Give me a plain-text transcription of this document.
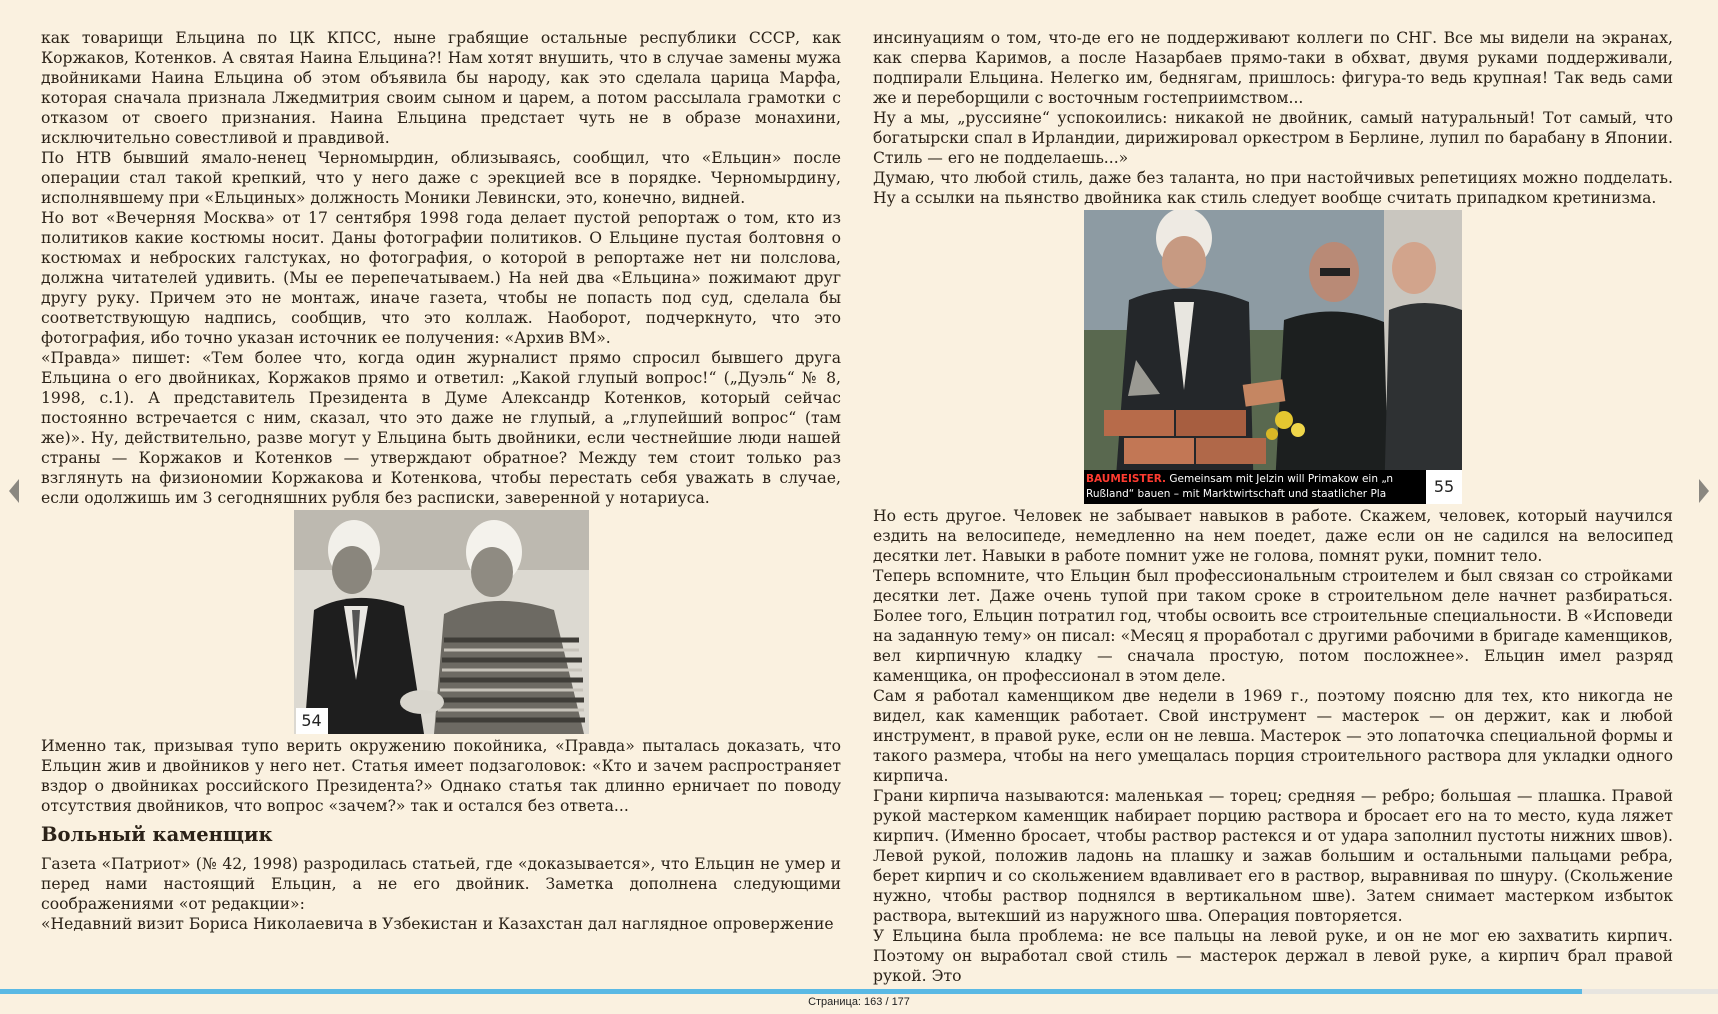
как товарищи Ельцина по ЦК КПСС, ныне грабящие остальные республики СССР, как Коржаков, Котенков. А святая Наина Ельцина?! Нам хотят внушить, что в случае замены мужа двойниками Наина Ельцина об этом объявила бы народу, как это сделала царица Марфа, которая сначала признала Лжедмитрия своим сыном и царем, а потом рассылала грамотки с отказом от своего признания. Наина Ельцина предстает чуть не в образе монахини, исключительно совестливой и правдивой.

По НТВ бывший ямало-ненец Черномырдин, облизываясь, сообщил, что «Ельцин» после операции стал такой крепкий, что у него даже с эрекцией все в порядке. Черномырдину, исполнявшему при «Ельциных» должность Моники Левински, это, конечно, видней.

Но вот «Вечерняя Москва» от 17 сентября 1998 года делает пустой репортаж о том, кто из политиков какие костюмы носит. Даны фотографии политиков. О Ельцине пустая болтовня о костюмах и неброских галстуках, но фотография, о которой в репортаже нет ни полслова, должна читателей удивить. (Мы ее перепечатываем.) На ней два «Ельцина» пожимают друг другу руку. Причем это не монтаж, иначе газета, чтобы не попасть под суд, сделала бы соответствующую надпись, сообщив, что это коллаж. Наоборот, подчеркнуто, что это фотография, ибо точно указан источник ее получения: «Архив ВМ».

«Правда» пишет: «Тем более что, когда один журналист прямо спросил бывшего друга Ельцина о его двойниках, Коржаков прямо и ответил: „Какой глупый вопрос!“ („Дуэль“ № 8, 1998, с.1). А представитель Президента в Думе Александр Котенков, который сейчас постоянно встречается с ним, сказал, что это даже не глупый, а „глупейший вопрос“ (там же)». Ну, действительно, разве могут у Ельцина быть двойники, если честнейшие люди нашей страны — Коржаков и Котенков — утверждают обратное? Между тем стоит только раз взглянуть на физиономии Коржакова и Котенкова, чтобы перестать себя уважать в случае, если одолжишь им 3 сегодняшних рубля без расписки, заверенной у нотариуса.

54

Именно так, призывая тупо верить окружению покойника, «Правда» пыталась доказать, что Ельцин жив и двойников у него нет. Статья имеет подзаголовок: «Кто и зачем распространяет вздор о двойниках российского Президента?» Однако статья так длинно ерничает по поводу отсутствия двойников, что вопрос «зачем?» так и остался без ответа...

Вольный каменщик

Газета «Патриот» (№ 42, 1998) разродилась статьей, где «доказывается», что Ельцин не умер и перед нами настоящий Ельцин, а не его двойник. Заметка дополнена следующими соображениями «от редакции»:

«Недавний визит Бориса Николаевича в Узбекистан и Казахстан дал наглядное опровержение

инсинуациям о том, что-де его не поддерживают коллеги по СНГ. Все мы видели на экранах, как сперва Каримов, а после Назарбаев прямо-таки в обхват, двумя руками поддерживали, подпирали Ельцина. Нелегко им, беднягам, пришлось: фигура-то ведь крупная! Так ведь сами же и переборщили с восточным гостеприимством...

Ну а мы, „руссияне“ успокоились: никакой не двойник, самый натуральный! Тот самый, что богатырски спал в Ирландии, дирижировал оркестром в Берлине, лупил по барабану в Японии. Стиль — его не подделаешь...»

Думаю, что любой стиль, даже без таланта, но при настойчивых репетициях можно подделать. Ну а ссылки на пьянство двойника как стиль следует вообще считать припадком кретинизма.

BAUMEISTER. Gemeinsam mit Jelzin will Primakow ein „n
Rußland“ bauen – mit Marktwirtschaft und staatlicher Pla	55

Но есть другое. Человек не забывает навыков в работе. Скажем, человек, который научился ездить на велосипеде, немедленно на нем поедет, даже если он не садился на велосипед десятки лет. Навыки в работе помнит уже не голова, помнят руки, помнит тело.

Теперь вспомните, что Ельцин был профессиональным строителем и был связан со стройками десятки лет. Даже очень тупой при таком сроке в строительном деле начнет разбираться. Более того, Ельцин потратил год, чтобы освоить все строительные специальности. В «Исповеди на заданную тему» он писал: «Месяц я проработал с другими рабочими в бригаде каменщиков, вел кирпичную кладку — сначала простую, потом посложнее». Ельцин имел разряд каменщика, он профессионал в этом деле.

Сам я работал каменщиком две недели в 1969 г., поэтому поясню для тех, кто никогда не видел, как каменщик работает. Свой инструмент — мастерок — он держит, как и любой инструмент, в правой руке, если он не левша. Мастерок — это лопаточка специальной формы и такого размера, чтобы на него умещалась порция строительного раствора для укладки одного кирпича.

Грани кирпича называются: маленькая — торец; средняя — ребро; большая — плашка. Правой рукой мастерком каменщик набирает порцию раствора и бросает его на то место, куда ляжет кирпич. (Именно бросает, чтобы раствор растекся и от удара заполнил пустоты нижних швов). Левой рукой, положив ладонь на плашку и зажав большим и остальными пальцами ребра, берет кирпич и со скольжением вдавливает его в раствор, выравнивая по шнуру. (Скольжение нужно, чтобы раствор поднялся в вертикальном шве). Затем снимает мастерком избыток раствора, вытекший из наружного шва. Операция повторяется.

У Ельцина была проблема: не все пальцы на левой руке, и он не мог ею захватить кирпич. Поэтому он выработал свой стиль — мастерок держал в левой руке, а кирпич брал правой рукой. Это

Страница: 163 / 177
